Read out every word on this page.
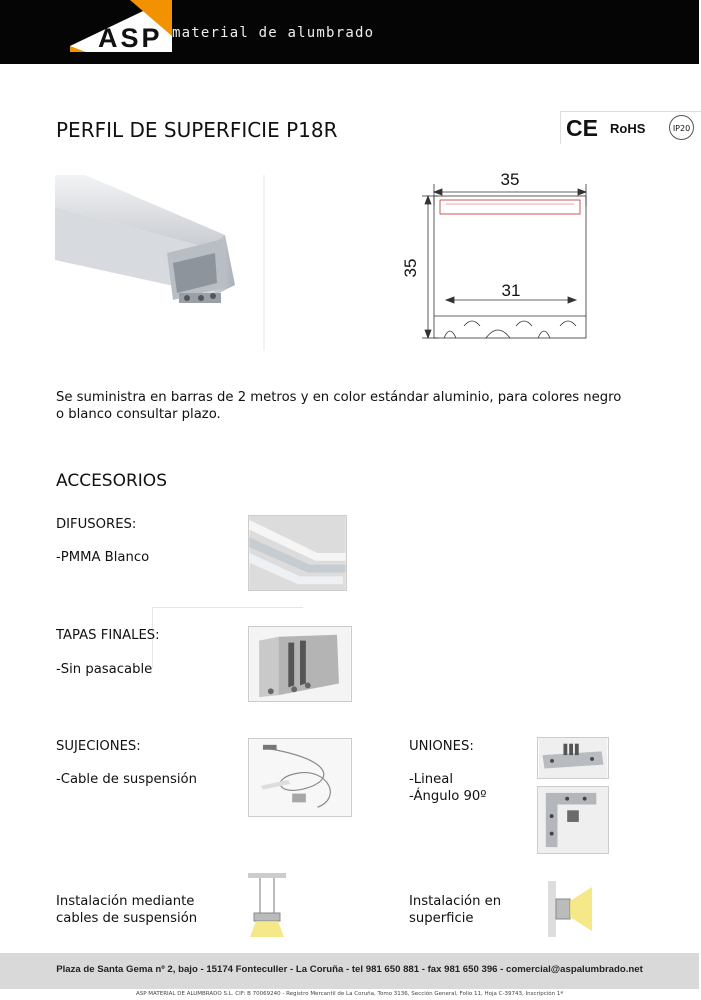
ASP material de alumbrado
PERFIL DE SUPERFICIE P18R	CE RoHS	IP20
35
35
31
Se suministra en barras de 2 metros y en color estándar aluminio, para colores negro o blanco consultar plazo.
ACCESORIOS
DIFUSORES:
-PMMA Blanco
TAPAS FINALES:
-Sin pasacable
SUJECIONES:
-Cable de suspensión
UNIONES:
-Lineal
-Ángulo 90º
Instalación mediante
cables de suspensión
Instalación en
superficie
Plaza de Santa Gema nº 2, bajo - 15174 Fonteculler - La Coruña - tel 981 650 881 - fax 981 650 396 - comercial@aspalumbrado.net
ASP MATERIAL DE ALUMBRADO S.L. CIF: B 70069240 - Registro Mercantil de La Coruña, Tomo 3136, Sección General, Folio 11, Hoja C-39743, Inscripción 1ª
